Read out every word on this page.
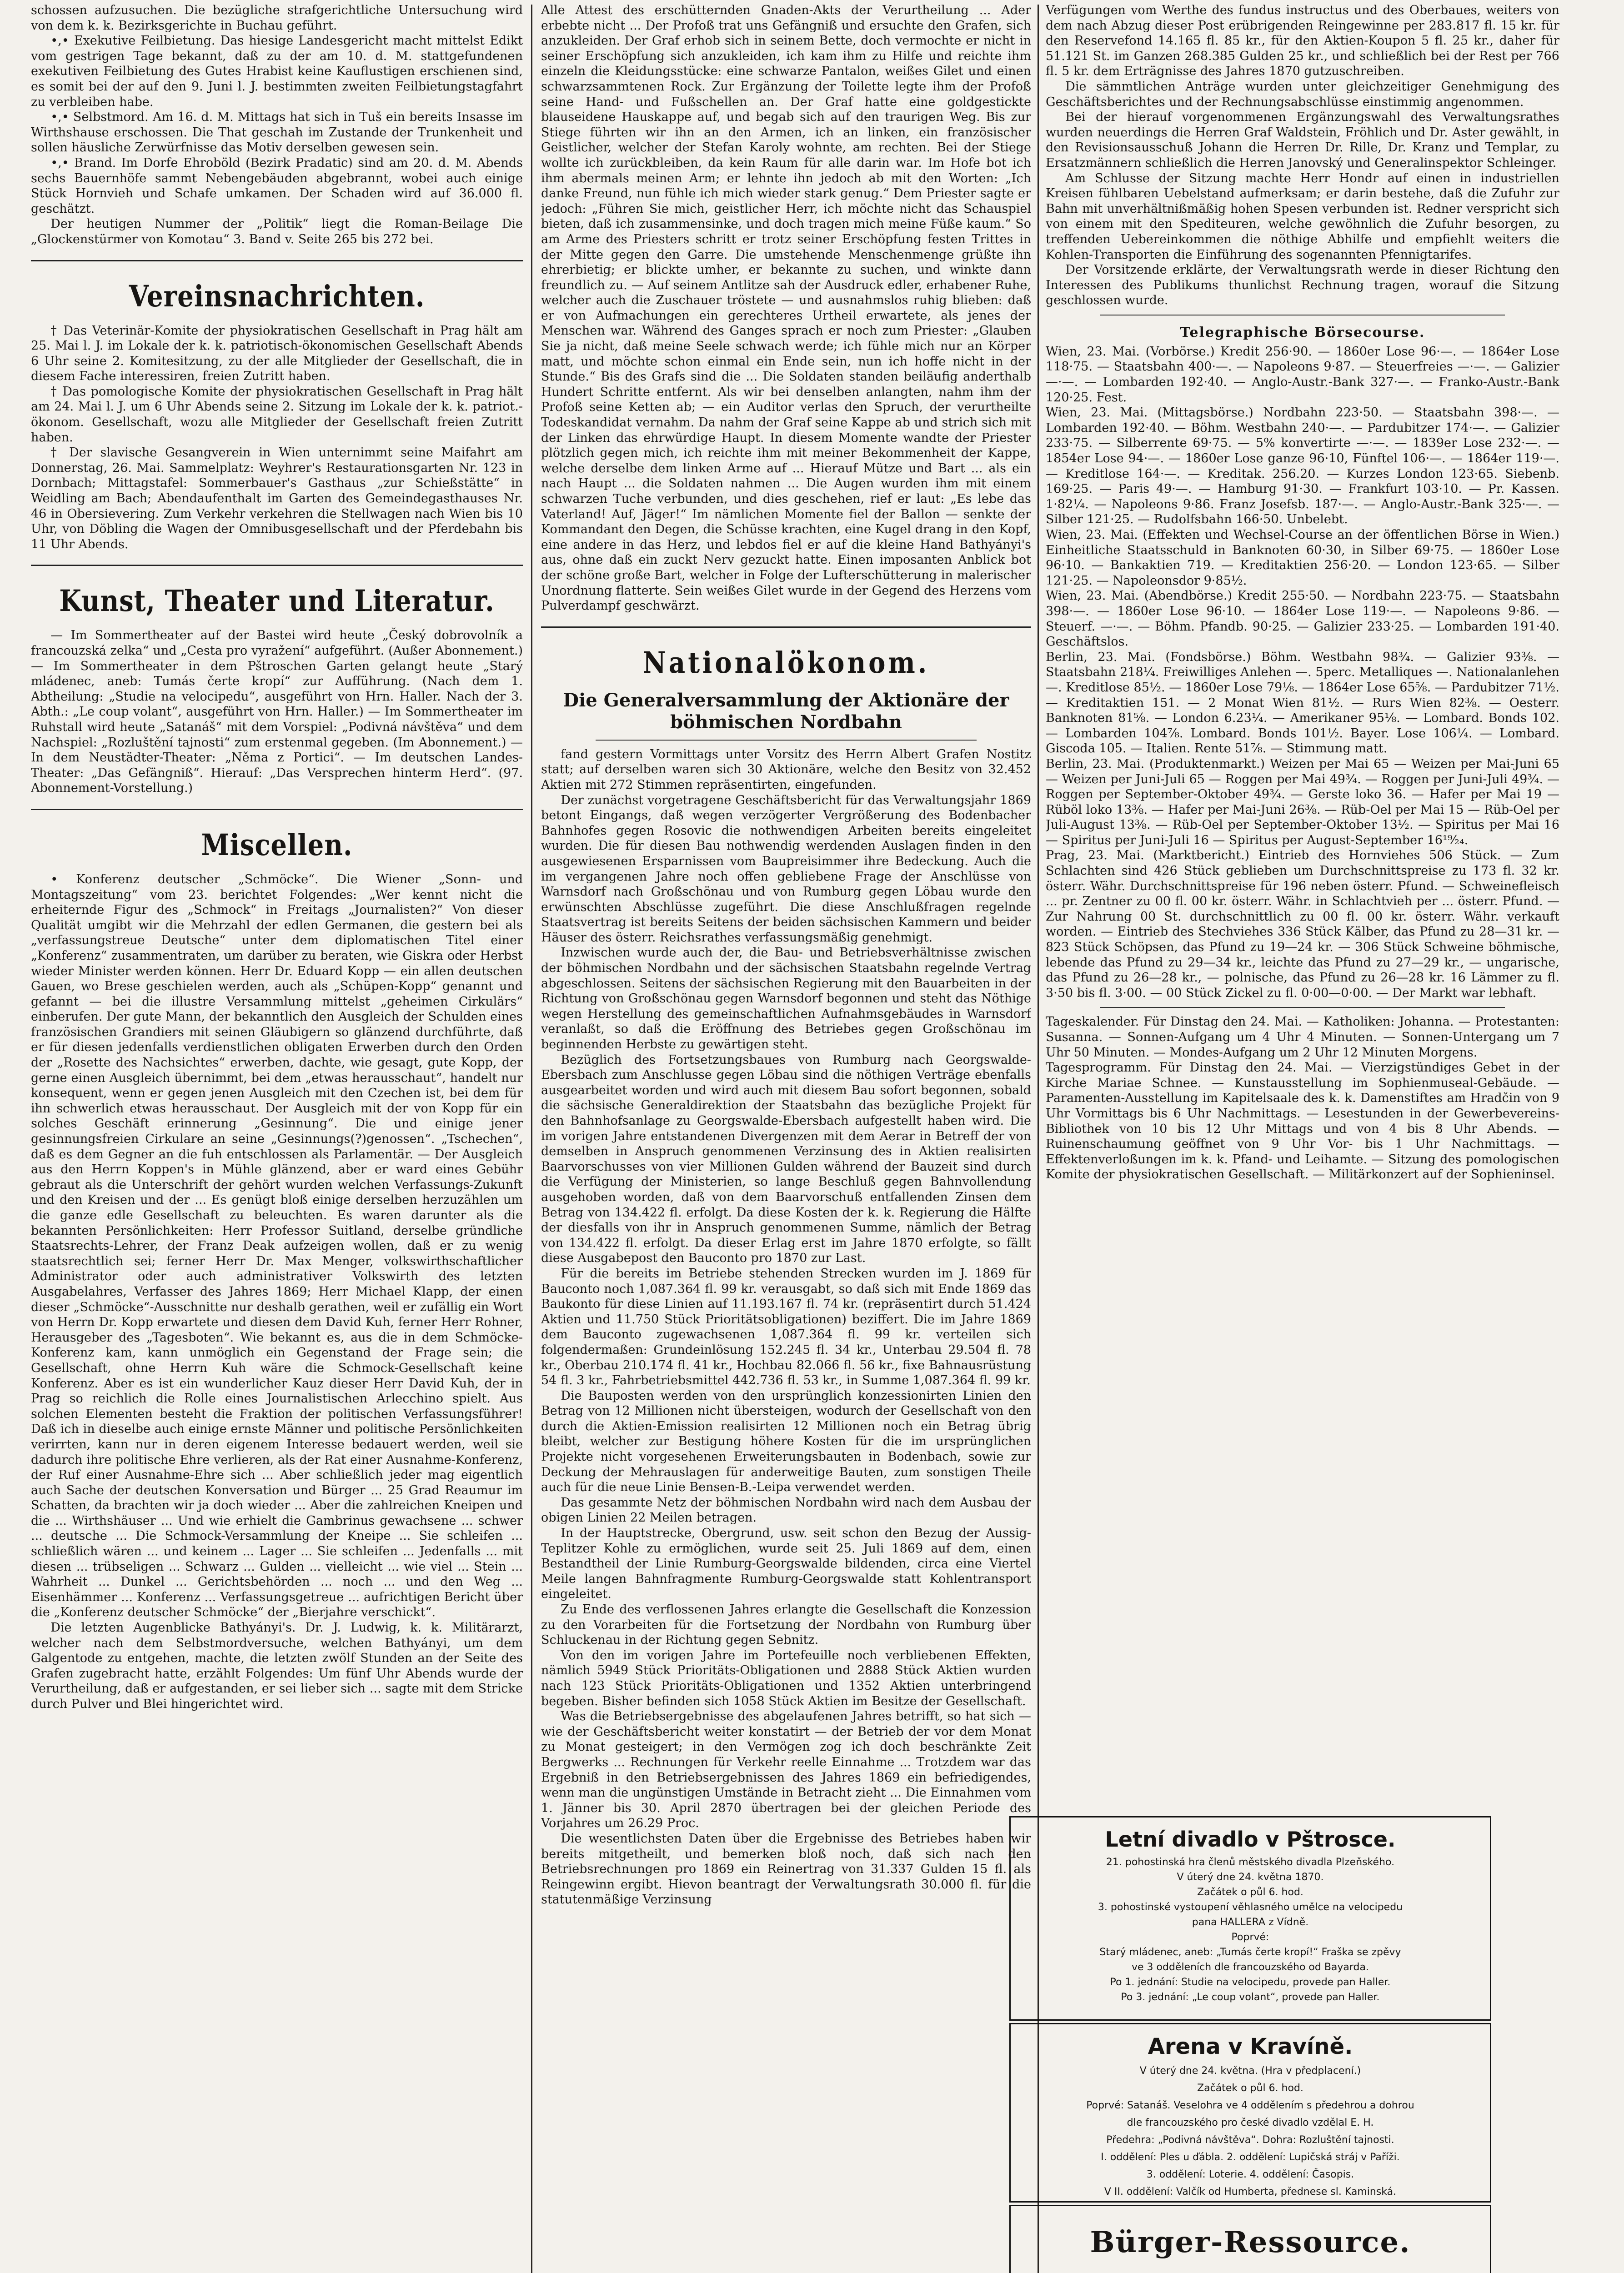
schossen aufzusuchen. Die bezügliche strafgerichtliche Untersuchung wird von dem k. k. Bezirksgerichte in Buchau geführt.

•,• Exekutive Feilbietung. Das hiesige Landesgericht macht mittelst Edikt vom gestrigen Tage bekannt, daß zu der am 10. d. M. stattgefundenen exekutiven Feilbietung des Gutes Hrabist keine Kauflustigen erschienen sind, es somit bei der auf den 9. Juni l. J. bestimmten zweiten Feilbietungstagfahrt zu verbleiben habe.

•,• Selbstmord. Am 16. d. M. Mittags hat sich in Tuš ein bereits Insasse im Wirthshause erschossen. Die That geschah im Zustande der Trunkenheit und sollen häusliche Zerwürfnisse das Motiv derselben gewesen sein.

•,• Brand. Im Dorfe Ehroböld (Bezirk Pradatic) sind am 20. d. M. Abends sechs Bauernhöfe sammt Nebengebäuden abgebrannt, wobei auch einige Stück Hornvieh und Schafe umkamen. Der Schaden wird auf 36.000 fl. geschätzt.

Der heutigen Nummer der „Politik“ liegt die Roman-Beilage Die „Glockenstürmer von Komotau“ 3. Band v. Seite 265 bis 272 bei.

Vereinsnachrichten.

† Das Veterinär-Komite der physiokratischen Gesellschaft in Prag hält am 25. Mai l. J. im Lokale der k. k. patriotisch-ökonomischen Gesellschaft Abends 6 Uhr seine 2. Komitesitzung, zu der alle Mitglieder der Gesellschaft, die in diesem Fache interessiren, freien Zutritt haben.

† Das pomologische Komite der physiokratischen Gesellschaft in Prag hält am 24. Mai l. J. um 6 Uhr Abends seine 2. Sitzung im Lokale der k. k. patriot.-ökonom. Gesellschaft, wozu alle Mitglieder der Gesellschaft freien Zutritt haben.

† Der slavische Gesangverein in Wien unternimmt seine Maifahrt am Donnerstag, 26. Mai. Sammelplatz: Weyhrer's Restaurationsgarten Nr. 123 in Dornbach; Mittagstafel: Sommerbauer's Gasthaus „zur Schießstätte“ in Weidling am Bach; Abendaufenthalt im Garten des Gemeindegasthauses Nr. 46 in Obersievering. Zum Verkehr verkehren die Stellwagen nach Wien bis 10 Uhr, von Döbling die Wagen der Omnibusgesellschaft und der Pferdebahn bis 11 Uhr Abends.

Kunst, Theater und Literatur.

— Im Sommertheater auf der Bastei wird heute „Český dobrovolník a francouzská zelka“ und „Cesta pro vyražení“ aufgeführt. (Außer Abonnement.) — Im Sommertheater in dem Pštroschen Garten gelangt heute „Starý mládenec, aneb: Tumás čerte kropí“ zur Aufführung. (Nach dem 1. Abtheilung: „Studie na velocipedu“, ausgeführt von Hrn. Haller. Nach der 3. Abth.: „Le coup volant“, ausgeführt von Hrn. Haller.) — Im Sommertheater im Ruhstall wird heute „Satanáš“ mit dem Vorspiel: „Podivná návštěva“ und dem Nachspiel: „Rozluštění tajnosti“ zum erstenmal gegeben. (Im Abonnement.) — In dem Neustädter-Theater: „Něma z Portici“. — Im deutschen Landes-Theater: „Das Gefängniß“. Hierauf: „Das Versprechen hinterm Herd“. (97. Abonnement-Vorstellung.)

Miscellen.

• Konferenz deutscher „Schmöcke“. Die Wiener „Sonn- und Montagszeitung“ vom 23. berichtet Folgendes: „Wer kennt nicht die erheiternde Figur des „Schmock“ in Freitags „Journalisten?“ Von dieser Qualität umgibt wir die Mehrzahl der edlen Germanen, die gestern bei als „verfassungstreue Deutsche“ unter dem diplomatischen Titel einer „Konferenz“ zusammentraten, um darüber zu beraten, wie Giskra oder Herbst wieder Minister werden können. Herr Dr. Eduard Kopp — ein allen deutschen Gauen, wo Brese geschielen werden, auch als „Schüpen-Kopp“ genannt und gefannt — bei die illustre Versammlung mittelst „geheimen Cirkulärs“ einberufen. Der gute Mann, der bekanntlich den Ausgleich der Schulden eines französischen Grandiers mit seinen Gläubigern so glänzend durchführte, daß er für diesen jedenfalls verdienstlichen obligaten Erwerben durch den Orden der „Rosette des Nachsichtes“ erwerben, dachte, wie gesagt, gute Kopp, der gerne einen Ausgleich übernimmt, bei dem „etwas herausschaut“, handelt nur konsequent, wenn er gegen jenen Ausgleich mit den Czechen ist, bei dem für ihn schwerlich etwas herausschaut. Der Ausgleich mit der von Kopp für ein solches Geschäft erinnerung „Gesinnung“. Die und einige jener gesinnungsfreien Cirkulare an seine „Gesinnungs(?)genossen“. „Tschechen“, daß es dem Gegner an die fuh entschlossen als Parlamentär. — Der Ausgleich aus den Herrn Koppen's in Mühle glänzend, aber er ward eines Gebühr gebraut als die Unterschrift der gehört wurden welchen Verfassungs-Zukunft und den Kreisen und der ... Es genügt bloß einige derselben herzuzählen um die ganze edle Gesellschaft zu beleuchten. Es waren darunter als die bekannten Persönlichkeiten: Herr Professor Suitland, derselbe gründliche Staatsrechts-Lehrer, der Franz Deak aufzeigen wollen, daß er zu wenig staatsrechtlich sei; ferner Herr Dr. Max Menger, volkswirthschaftlicher Administrator oder auch administrativer Volkswirth des letzten Ausgabelahres, Verfasser des Jahres 1869; Herr Michael Klapp, der einen dieser „Schmöcke“-Ausschnitte nur deshalb gerathen, weil er zufällig ein Wort von Herrn Dr. Kopp erwartete und diesen dem David Kuh, ferner Herr Rohner, Herausgeber des „Tagesboten“. Wie bekannt es, aus die in dem Schmöcke-Konferenz kam, kann unmöglich ein Gegenstand der Frage sein; die Gesellschaft, ohne Herrn Kuh wäre die Schmock-Gesellschaft keine Konferenz. Aber es ist ein wunderlicher Kauz dieser Herr David Kuh, der in Prag so reichlich die Rolle eines Journalistischen Arlecchino spielt. Aus solchen Elementen besteht die Fraktion der politischen Verfassungsführer! Daß ich in dieselbe auch einige ernste Männer und politische Persönlichkeiten verirrten, kann nur in deren eigenem Interesse bedauert werden, weil sie dadurch ihre politische Ehre verlieren, als der Rat einer Ausnahme-Konferenz, der Ruf einer Ausnahme-Ehre sich ... Aber schließlich jeder mag eigentlich auch Sache der deutschen Konversation und Bürger ... 25 Grad Reaumur im Schatten, da brachten wir ja doch wieder ... Aber die zahlreichen Kneipen und die ... Wirthshäuser ... Und wie erhielt die Gambrinus gewachsene ... schwer ... deutsche ... Die Schmock-Versammlung der Kneipe ... Sie schleifen ... schließlich wären ... und keinem ... Lager ... Sie schleifen ... Jedenfalls ... mit diesen ... trübseligen ... Schwarz ... Gulden ... vielleicht ... wie viel ... Stein ... Wahrheit ... Dunkel ... Gerichtsbehörden ... noch ... und den Weg ... Eisenhämmer ... Konferenz ... Verfassungsgetreue ... aufrichtigen Bericht über die „Konferenz deutscher Schmöcke“ der „Bierjahre verschickt“.

Die letzten Augenblicke Bathyányi's. Dr. J. Ludwig, k. k. Militärarzt, welcher nach dem Selbstmordversuche, welchen Bathyányi, um dem Galgentode zu entgehen, machte, die letzten zwölf Stunden an der Seite des Grafen zugebracht hatte, erzählt Folgendes: Um fünf Uhr Abends wurde der Verurtheilung, daß er aufgestanden, er sei lieber sich ... sagte mit dem Stricke durch Pulver und Blei hingerichtet wird.

Alle Attest des erschütternden Gnaden-Akts der Verurtheilung ... Ader erbebte nicht ... Der Profoß trat uns Gefängniß und ersuchte den Grafen, sich anzukleiden. Der Graf erhob sich in seinem Bette, doch vermochte er nicht in seiner Erschöpfung sich anzukleiden, ich kam ihm zu Hilfe und reichte ihm einzeln die Kleidungsstücke: eine schwarze Pantalon, weißes Gilet und einen schwarzsammtenen Rock. Zur Ergänzung der Toilette legte ihm der Profoß seine Hand- und Fußschellen an. Der Graf hatte eine goldgestickte blauseidene Hauskappe auf, und begab sich auf den traurigen Weg. Bis zur Stiege führten wir ihn an den Armen, ich an linken, ein französischer Geistlicher, welcher der Stefan Karoly wohnte, am rechten. Bei der Stiege wollte ich zurückbleiben, da kein Raum für alle darin war. Im Hofe bot ich ihm abermals meinen Arm; er lehnte ihn jedoch ab mit den Worten: „Ich danke Freund, nun fühle ich mich wieder stark genug.“ Dem Priester sagte er jedoch: „Führen Sie mich, geistlicher Herr, ich möchte nicht das Schauspiel bieten, daß ich zusammensinke, und doch tragen mich meine Füße kaum.“ So am Arme des Priesters schritt er trotz seiner Erschöpfung festen Trittes in der Mitte gegen den Garre. Die umstehende Menschenmenge grüßte ihn ehrerbietig; er blickte umher, er bekannte zu suchen, und winkte dann freundlich zu. — Auf seinem Antlitze sah der Ausdruck edler, erhabener Ruhe, welcher auch die Zuschauer tröstete — und ausnahmslos ruhig blieben: daß er von Aufmachungen ein gerechteres Urtheil erwartete, als jenes der Menschen war. Während des Ganges sprach er noch zum Priester: „Glauben Sie ja nicht, daß meine Seele schwach werde; ich fühle mich nur an Körper matt, und möchte schon einmal ein Ende sein, nun ich hoffe nicht in der Stunde.“ Bis des Grafs sind die ... Die Soldaten standen beiläufig anderthalb Hundert Schritte entfernt. Als wir bei denselben anlangten, nahm ihm der Profoß seine Ketten ab; — ein Auditor verlas den Spruch, der verurtheilte Todeskandidat vernahm. Da nahm der Graf seine Kappe ab und strich sich mit der Linken das ehrwürdige Haupt. In diesem Momente wandte der Priester plötzlich gegen mich, ich reichte ihm mit meiner Bekommenheit der Kappe, welche derselbe dem linken Arme auf ... Hierauf Mütze und Bart ... als ein nach Haupt ... die Soldaten nahmen ... Die Augen wurden ihm mit einem schwarzen Tuche verbunden, und dies geschehen, rief er laut: „Es lebe das Vaterland! Auf, Jäger!“ Im nämlichen Momente fiel der Ballon — senkte der Kommandant den Degen, die Schüsse krachten, eine Kugel drang in den Kopf, eine andere in das Herz, und lebdos fiel er auf die kleine Hand Bathyányi's aus, ohne daß ein zuckt Nerv gezuckt hatte. Einen imposanten Anblick bot der schöne große Bart, welcher in Folge der Lufterschütterung in malerischer Unordnung flatterte. Sein weißes Gilet wurde in der Gegend des Herzens vom Pulverdampf geschwärzt.

Nationalökonom.
Die Generalversammlung der Aktionäre der böhmischen Nordbahn

fand gestern Vormittags unter Vorsitz des Herrn Albert Grafen Nostitz statt; auf derselben waren sich 30 Aktionäre, welche den Besitz von 32.452 Aktien mit 272 Stimmen repräsentirten, eingefunden.

Der zunächst vorgetragene Geschäftsbericht für das Verwaltungsjahr 1869 betont Eingangs, daß wegen verzögerter Vergrößerung des Bodenbacher Bahnhofes gegen Rosovic die nothwendigen Arbeiten bereits eingeleitet wurden. Die für diesen Bau nothwendig werdenden Auslagen finden in den ausgewiesenen Ersparnissen vom Baupreisimmer ihre Bedeckung. Auch die im vergangenen Jahre noch offen gebliebene Frage der Anschlüsse von Warnsdorf nach Großschönau und von Rumburg gegen Löbau wurde den erwünschten Abschlüsse zugeführt. Die diese Anschlußfragen regelnde Staatsvertrag ist bereits Seitens der beiden sächsischen Kammern und beider Häuser des österr. Reichsrathes verfassungsmäßig genehmigt.

Inzwischen wurde auch der, die Bau- und Betriebsverhältnisse zwischen der böhmischen Nordbahn und der sächsischen Staatsbahn regelnde Vertrag abgeschlossen. Seitens der sächsischen Regierung mit den Bauarbeiten in der Richtung von Großschönau gegen Warnsdorf begonnen und steht das Nöthige wegen Herstellung des gemeinschaftlichen Aufnahmsgebäudes in Warnsdorf veranlaßt, so daß die Eröffnung des Betriebes gegen Großschönau im beginnenden Herbste zu gewärtigen steht.

Bezüglich des Fortsetzungsbaues von Rumburg nach Georgswalde-Ebersbach zum Anschlusse gegen Löbau sind die nöthigen Verträge ebenfalls ausgearbeitet worden und wird auch mit diesem Bau sofort begonnen, sobald die sächsische Generaldirektion der Staatsbahn das bezügliche Projekt für den Bahnhofsanlage zu Georgswalde-Ebersbach aufgestellt haben wird. Die im vorigen Jahre entstandenen Divergenzen mit dem Aerar in Betreff der von demselben in Anspruch genommenen Verzinsung des in Aktien realisirten Baarvorschusses von vier Millionen Gulden während der Bauzeit sind durch die Verfügung der Ministerien, so lange Beschluß gegen Bahnvollendung ausgehoben worden, daß von dem Baarvorschuß entfallenden Zinsen dem Betrag von 134.422 fl. erfolgt. Da diese Kosten der k. k. Regierung die Hälfte der diesfalls von ihr in Anspruch genommenen Summe, nämlich der Betrag von 134.422 fl. erfolgt. Da dieser Erlag erst im Jahre 1870 erfolgte, so fällt diese Ausgabepost den Bauconto pro 1870 zur Last.

Für die bereits im Betriebe stehenden Strecken wurden im J. 1869 für Bauconto noch 1,087.364 fl. 99 kr. verausgabt, so daß sich mit Ende 1869 das Baukonto für diese Linien auf 11.193.167 fl. 74 kr. (repräsentirt durch 51.424 Aktien und 11.750 Stück Prioritätsobligationen) beziffert. Die im Jahre 1869 dem Bauconto zugewachsenen 1,087.364 fl. 99 kr. verteilen sich folgendermaßen: Grundeinlösung 152.245 fl. 34 kr., Unterbau 29.504 fl. 78 kr., Oberbau 210.174 fl. 41 kr., Hochbau 82.066 fl. 56 kr., fixe Bahnausrüstung 54 fl. 3 kr., Fahrbetriebsmittel 442.736 fl. 53 kr., in Summe 1,087.364 fl. 99 kr.

Die Bauposten werden von den ursprünglich konzessionirten Linien den Betrag von 12 Millionen nicht übersteigen, wodurch der Gesellschaft von den durch die Aktien-Emission realisirten 12 Millionen noch ein Betrag übrig bleibt, welcher zur Bestigung höhere Kosten für die im ursprünglichen Projekte nicht vorgesehenen Erweiterungsbauten in Bodenbach, sowie zur Deckung der Mehrauslagen für anderweitige Bauten, zum sonstigen Theile auch für die neue Linie Bensen-B.-Leipa verwendet werden.

Das gesammte Netz der böhmischen Nordbahn wird nach dem Ausbau der obigen Linien 22 Meilen betragen.

In der Hauptstrecke, Obergrund, usw. seit schon den Bezug der Aussig-Teplitzer Kohle zu ermöglichen, wurde seit 25. Juli 1869 auf dem, einen Bestandtheil der Linie Rumburg-Georgswalde bildenden, circa eine Viertel Meile langen Bahnfragmente Rumburg-Georgswalde statt Kohlentransport eingeleitet.

Zu Ende des verflossenen Jahres erlangte die Gesellschaft die Konzession zu den Vorarbeiten für die Fortsetzung der Nordbahn von Rumburg über Schluckenau in der Richtung gegen Sebnitz.

Von den im vorigen Jahre im Portefeuille noch verbliebenen Effekten, nämlich 5949 Stück Prioritäts-Obligationen und 2888 Stück Aktien wurden nach 123 Stück Prioritäts-Obligationen und 1352 Aktien unterbringend begeben. Bisher befinden sich 1058 Stück Aktien im Besitze der Gesellschaft.

Was die Betriebsergebnisse des abgelaufenen Jahres betrifft, so hat sich — wie der Geschäftsbericht weiter konstatirt — der Betrieb der vor dem Monat zu Monat gesteigert; in den Vermögen zog ich doch beschränkte Zeit Bergwerks ... Rechnungen für Verkehr reelle Einnahme ... Trotzdem war das Ergebniß in den Betriebsergebnissen des Jahres 1869 ein befriedigendes, wenn man die ungünstigen Umstände in Betracht zieht ... Die Einnahmen vom 1. Jänner bis 30. April 2870 übertragen bei der gleichen Periode des Vorjahres um 26.29 Proc.

Die wesentlichsten Daten über die Ergebnisse des Betriebes haben wir bereits mitgetheilt, und bemerken bloß noch, daß sich nach den Betriebsrechnungen pro 1869 ein Reinertrag von 31.337 Gulden 15 fl. als Reingewinn ergibt. Hievon beantragt der Verwaltungsrath 30.000 fl. für die statutenmäßige Verzinsung

Verfügungen vom Werthe des fundus instructus und des Oberbaues, weiters von dem nach Abzug dieser Post erübrigenden Reingewinne per 283.817 fl. 15 kr. für den Reservefond 14.165 fl. 85 kr., für den Aktien-Koupon 5 fl. 25 kr., daher für 51.121 St. im Ganzen 268.385 Gulden 25 kr., und schließlich bei der Rest per 766 fl. 5 kr. dem Erträgnisse des Jahres 1870 gutzuschreiben.

Die sämmtlichen Anträge wurden unter gleichzeitiger Genehmigung des Geschäftsberichtes und der Rechnungsabschlüsse einstimmig angenommen.

Bei der hierauf vorgenommenen Ergänzungswahl des Verwaltungsrathes wurden neuerdings die Herren Graf Waldstein, Fröhlich und Dr. Aster gewählt, in den Revisionsausschuß Johann die Herren Dr. Rille, Dr. Kranz und Templar, zu Ersatzmännern schließlich die Herren Janovský und Generalinspektor Schleinger.

Am Schlusse der Sitzung machte Herr Hondr auf einen in industriellen Kreisen fühlbaren Uebelstand aufmerksam; er darin bestehe, daß die Zufuhr zur Bahn mit unverhältnißmäßig hohen Spesen verbunden ist. Redner verspricht sich von einem mit den Spediteuren, welche gewöhnlich die Zufuhr besorgen, zu treffenden Uebereinkommen die nöthige Abhilfe und empfiehlt weiters die Kohlen-Transporten die Einführung des sogenannten Pfennigtarifes.

Der Vorsitzende erklärte, der Verwaltungsrath werde in dieser Richtung den Interessen des Publikums thunlichst Rechnung tragen, worauf die Sitzung geschlossen wurde.

Telegraphische Börsecourse.

Wien, 23. Mai. (Vorbörse.) Kredit 256·90. — 1860er Lose 96·—. — 1864er Lose 118·75. — Staatsbahn 400·—. — Napoleons 9·87. — Steuerfreies —·—. — Galizier —·—. — Lombarden 192·40. — Anglo-Austr.-Bank 327·—. — Franko-Austr.-Bank 120·25. Fest.

Wien, 23. Mai. (Mittagsbörse.) Nordbahn 223·50. — Staatsbahn 398·—. — Lombarden 192·40. — Böhm. Westbahn 240·—. — Pardubitzer 174·—. — Galizier 233·75. — Silberrente 69·75. — 5% konvertirte —·—. — 1839er Lose 232·—. — 1854er Lose 94·—. — 1860er Lose ganze 96·10, Fünftel 106·—. — 1864er 119·—. — Kreditlose 164·—. — Kreditak. 256.20. — Kurzes London 123·65. Siebenb. 169·25. — Paris 49·—. — Hamburg 91·30. — Frankfurt 103·10. — Pr. Kassen. 1·82¼. — Napoleons 9·86. Franz Josefsb. 187·—. — Anglo-Austr.-Bank 325·—. — Silber 121·25. — Rudolfsbahn 166·50. Unbelebt.

Wien, 23. Mai. (Effekten und Wechsel-Course an der öffentlichen Börse in Wien.) Einheitliche Staatsschuld in Banknoten 60·30, in Silber 69·75. — 1860er Lose 96·10. — Bankaktien 719. — Kreditaktien 256·20. — London 123·65. — Silber 121·25. — Napoleonsdor 9·85½.

Wien, 23. Mai. (Abendbörse.) Kredit 255·50. — Nordbahn 223·75. — Staatsbahn 398·—. — 1860er Lose 96·10. — 1864er Lose 119·—. — Napoleons 9·86. — Steuerf. —·—. — Böhm. Pfandb. 90·25. — Galizier 233·25. — Lombarden 191·40. Geschäftslos.

Berlin, 23. Mai. (Fondsbörse.) Böhm. Westbahn 98¾. — Galizier 93⅜. — Staatsbahn 218¼. Freiwilliges Anlehen —. 5perc. Metalliques —. Nationalanlehen —. Kreditlose 85½. — 1860er Lose 79⅛. — 1864er Lose 65⅝. — Pardubitzer 71½. — Kreditaktien 151. — 2 Monat Wien 81½. — Rurs Wien 82⅜. — Oesterr. Banknoten 81⅝. — London 6.23¼. — Amerikaner 95⅛. — Lombard. Bonds 102. — Lombarden 104⅞. Lombard. Bonds 101½. Bayer. Lose 106¼. — Lombard. Giscoda 105. — Italien. Rente 51⅞. — Stimmung matt.

Berlin, 23. Mai. (Produktenmarkt.) Weizen per Mai 65 — Weizen per Mai-Juni 65 — Weizen per Juni-Juli 65 — Roggen per Mai 49¾. — Roggen per Juni-Juli 49¾. — Roggen per September-Oktober 49¾. — Gerste loko 36. — Hafer per Mai 19 — Rüböl loko 13⅜. — Hafer per Mai-Juni 26⅜. — Rüb-Oel per Mai 15 — Rüb-Oel per Juli-August 13⅜. — Rüb-Oel per September-Oktober 13½. — Spiritus per Mai 16 — Spiritus per Juni-Juli 16 — Spiritus per August-September 16¹⁹⁄₂₄.

Prag, 23. Mai. (Marktbericht.) Eintrieb des Hornviehes 506 Stück. — Zum Schlachten sind 426 Stück geblieben um Durchschnittspreise zu 173 fl. 32 kr. österr. Währ. Durchschnittspreise für 196 neben österr. Pfund. — Schweinefleisch ... pr. Zentner zu 00 fl. 00 kr. österr. Währ. in Schlachtvieh per ... österr. Pfund. — Zur Nahrung 00 St. durchschnittlich zu 00 fl. 00 kr. österr. Währ. verkauft worden. — Eintrieb des Stechviehes 336 Stück Kälber, das Pfund zu 28—31 kr. — 823 Stück Schöpsen, das Pfund zu 19—24 kr. — 306 Stück Schweine böhmische, lebende das Pfund zu 29—34 kr., leichte das Pfund zu 27—29 kr., — ungarische, das Pfund zu 26—28 kr., — polnische, das Pfund zu 26—28 kr. 16 Lämmer zu fl. 3·50 bis fl. 3·00. — 00 Stück Zickel zu fl. 0·00—0·00. — Der Markt war lebhaft.

Tageskalender. Für Dinstag den 24. Mai. — Katholiken: Johanna. — Protestanten: Susanna. — Sonnen-Aufgang um 4 Uhr 4 Minuten. — Sonnen-Untergang um 7 Uhr 50 Minuten. — Mondes-Aufgang um 2 Uhr 12 Minuten Morgens.

Tagesprogramm. Für Dinstag den 24. Mai. — Vierzigstündiges Gebet in der Kirche Mariae Schnee. — Kunstausstellung im Sophienmuseal-Gebäude. — Paramenten-Ausstellung im Kapitelsaale des k. k. Damenstiftes am Hradčin von 9 Uhr Vormittags bis 6 Uhr Nachmittags. — Lesestunden in der Gewerbevereins-Bibliothek von 10 bis 12 Uhr Mittags und von 4 bis 8 Uhr Abends. — Ruinenschaumung geöffnet von 9 Uhr Vor- bis 1 Uhr Nachmittags. — Effektenverloßungen im k. k. Pfand- und Leihamte. — Sitzung des pomologischen Komite der physiokratischen Gesellschaft. — Militärkonzert auf der Sophieninsel.

Letní divadlo v Pštrosce.
21. pohostinská hra členů městského divadla Plzeňského.
V úterý dne 24. května 1870.
Začátek o půl 6. hod.
3. pohostinské vystoupení věhlasného umělce na velocipedu
pana HALLERA z Vídně.
Poprvé:
Starý mládenec, aneb: „Tumás čerte kropí!“ Fraška se zpěvy
ve 3 odděleních dle francouzského od Bayarda.
Po 1. jednání: Studie na velocipedu, provede pan Haller.
Po 3. jednání: „Le coup volant“, provede pan Haller.
Arena v Kravíně.
V úterý dne 24. května. (Hra v předplacení.)
Začátek o půl 6. hod.
Poprvé: Satanáš. Veselohra ve 4 oddělením s předehrou a dohrou
dle francouzského pro české divadlo vzdělal E. H.
Předehra: „Podivná návštěva“. Dohra: Rozluštění tajnosti.
I. oddělení: Ples u ďábla. 2. oddělení: Lupičská stráj v Paříži.
3. oddělení: Loterie. 4. oddělení: Časopis.
V II. oddělení: Valčík od Humberta, přednese sl. Kaminská.
Bürger-Ressource.
